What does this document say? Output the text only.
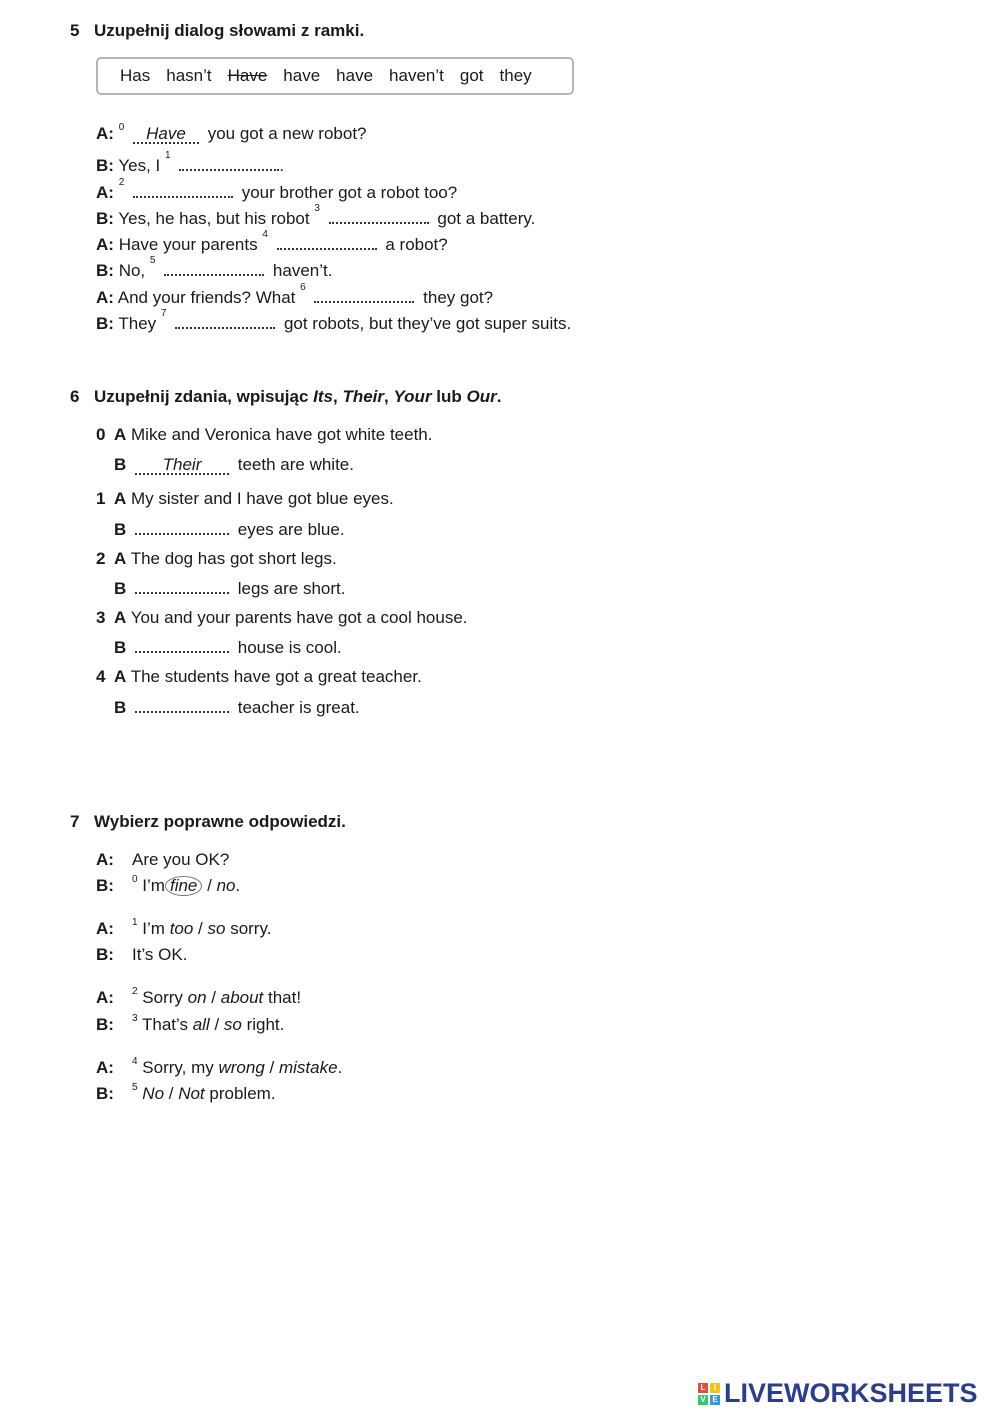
5 Uzupełnij dialog słowami z ramki.
Has hasn’t Have have have haven’t got they
A: $^0$ Have you got a new robot?
B: Yes, I $^1$ .
A: $^2$  your brother got a robot too?
B: Yes, he has, but his robot $^3$  got a battery.
A: Have your parents $^4$  a robot?
B: No, $^5$  haven’t.
A: And your friends? What $^6$  they got?
B: They $^7$  got robots, but they’ve got super suits.
6 Uzupełnij zdania, wpisując Its, Their, Your lub Our.
0 A Mike and Veronica have got white teeth.
B Their teeth are white.
1 A My sister and I have got blue eyes.
B	eyes are blue.
2 A The dog has got short legs.
B	legs are short.
3 A You and your parents have got a cool house.
B	house is cool.
4 A The students have got a great teacher.
B	teacher is great.
7 Wybierz poprawne odpowiedzi.
A: Are you OK?
B: $^0$ I’m fine / no.
A: $^1$ I’m too / so sorry.
B: It’s OK.
A: $^2$ Sorry on / about that!
B: $^3$ That’s all / so right.
A: $^4$ Sorry, my wrong / mistake.
B: $^5$ No / Not problem.
L	I
V E LIVEWORKSHEETS
